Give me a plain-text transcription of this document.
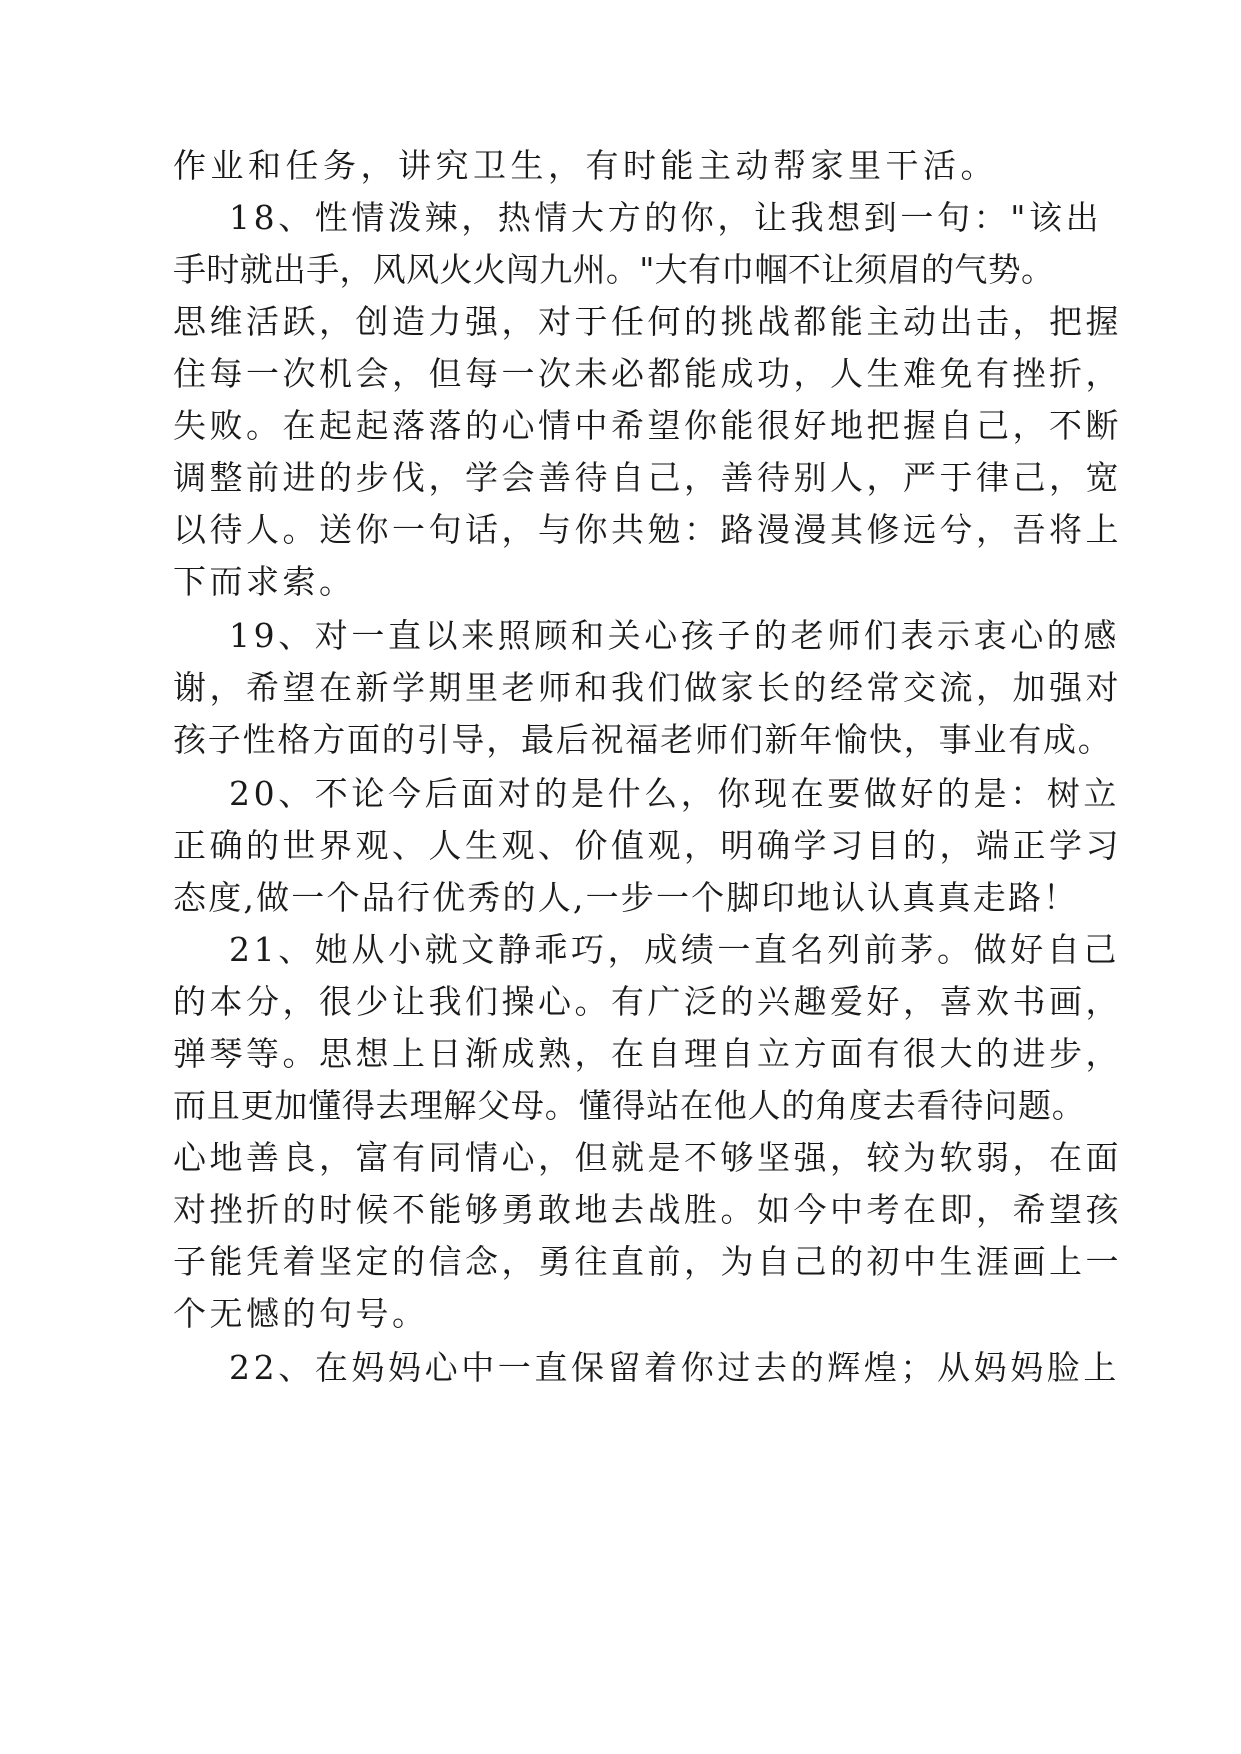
作业和任务，讲究卫生，有时能主动帮家里干活。
18、性情泼辣，热情大方的你，让我想到一句："该出
手时就出手，风风火火闯九州。"大有巾帼不让须眉的气势。
思维活跃，创造力强，对于任何的挑战都能主动出击，把握
住每一次机会，但每一次未必都能成功，人生难免有挫折，
失败。在起起落落的心情中希望你能很好地把握自己，不断
调整前进的步伐，学会善待自己，善待别人，严于律己，宽
以待人。送你一句话，与你共勉：路漫漫其修远兮，吾将上
下而求索。
19、对一直以来照顾和关心孩子的老师们表示衷心的感
谢，希望在新学期里老师和我们做家长的经常交流，加强对
孩子性格方面的引导，最后祝福老师们新年愉快，事业有成。
20、不论今后面对的是什么，你现在要做好的是：树立
正确的世界观、人生观、价值观，明确学习目的，端正学习
态度,做一个品行优秀的人,一步一个脚印地认认真真走路！
21、她从小就文静乖巧，成绩一直名列前茅。做好自己
的本分，很少让我们操心。有广泛的兴趣爱好，喜欢书画，
弹琴等。思想上日渐成熟，在自理自立方面有很大的进步，
而且更加懂得去理解父母。懂得站在他人的角度去看待问题。
心地善良，富有同情心，但就是不够坚强，较为软弱，在面
对挫折的时候不能够勇敢地去战胜。如今中考在即，希望孩
子能凭着坚定的信念，勇往直前，为自己的初中生涯画上一
个无憾的句号。
22、在妈妈心中一直保留着你过去的辉煌；从妈妈脸上
